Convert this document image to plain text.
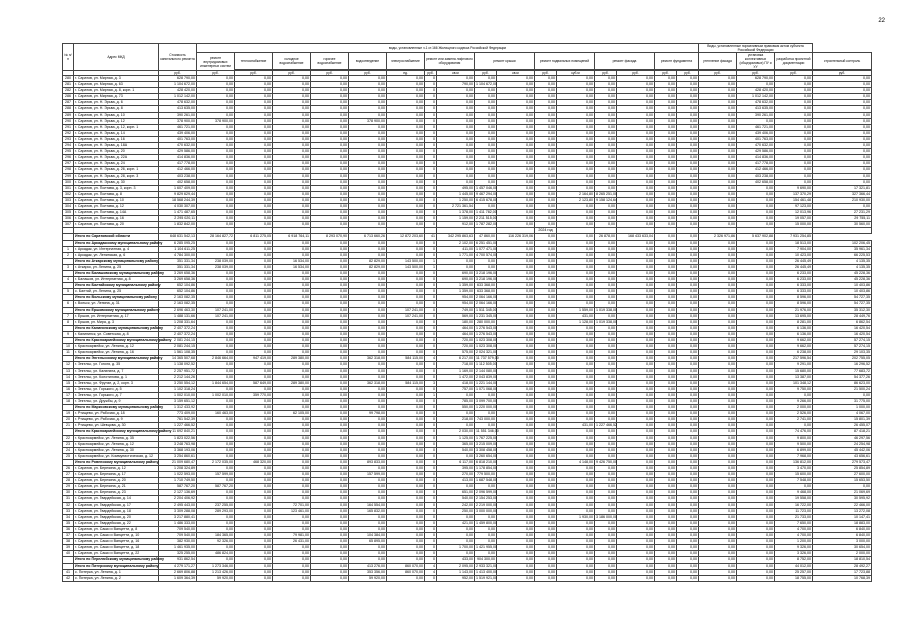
22
№ п/п	Адрес МКД	Стоимость капитального ремонта	виды, установленные ч.1 ст.166 Жилищного кодекса Российской Федерации																Виды, установленные нормативным правовым актом субъекта Российской Федерации			
			ремонт внутридомовых инженерных систем	теплоснабжение	холодное водоснабжение	горячее водоснабжение	водоотведение	электроснабжение	ремонт или замена лифтового оборудования		ремонт крыши		ремонт подвальных помещений		ремонт фасада		ремонт фундамента		утепление фасада	установка коллективных (общедомовых) ПУ и УУ	разработка проектной документации	строительный контроль

		руб.	руб.	руб.	руб.	руб.	руб.	ед.	руб.	кв.м	руб.	кв.м	руб.	куб.м	руб.	руб.	руб.	руб.	руб.	руб.	руб.	руб.
280	г. Саратов, ул. Мирная, д. 3	628 790,00	0,00	0,00	0,00	0,00	0,00	0,00	0	0,00	0,00	0,00	0,00	0,00	0,00	0,00	0,00	0,00	0,00	628 790,00	0,00	0,00
281	г. Саратов, ул. Мирная, д. 63	1 104 672,00	0,00	0,00	0,00	0,00	0,00	0,00	0	790,00	1 104 672,00	0,00	0,00	0,00	0,00	0,00	0,00	0,00	0,00	0,00	0,00	0,00
282	г. Саратов, ул. Мирная, д. 8, корп. 1	428 420,00	0,00	0,00	0,00	0,00	0,00	0,00	0	0,00	0,00	0,00	0,00	0,00	0,00	0,00	0,00	0,00	0,00	428 420,00	0,00	0,00
286	г. Саратов, ул. Мирная, д. 73	1 012 142,00	0,00	0,00	0,00	0,00	0,00	0,00	0	0,00	0,00	0,00	0,00	0,00	0,00	0,00	0,00	0,00	0,00	1 012 142,00	0,00	0,00
287	г. Саратов, ул. Н. Эрьва, д. 6	478 632,00	0,00	0,00	0,00	0,00	0,00	0,00	0	0,00	0,00	0,00	0,00	0,00	0,00	0,00	0,00	0,00	0,00	478 632,00	0,00	0,00
288	г. Саратов, ул. Н. Эрьва, д. 8	413 635,00	0,00	0,00	0,00	0,00	0,00	0,00	0	0,00	0,00	0,00	0,00	0,00	0,00	0,00	0,00	0,00	0,00	413 635,00	0,00	0,00
289	г. Саратов, ул. Н. Эрьва, д. 10	390 261,00	0,00	0,00	0,00	0,00	0,00	0,00	0	0,00	0,00	0,00	0,00	0,00	0,00	0,00	0,00	0,00	0,00	390 261,00	0,00	0,00
290	г. Саратов, ул. Н. Эрьва, д. 12	378 900,00	378 900,00	0,00	0,00	0,00	378 900,00	0,00	0	0,00	0,00	0,00	0,00	0,00	0,00	0,00	0,00	0,00	0,00	0,00	0,00	0,00
291	г. Саратов, ул. Н. Эрьва, д. 12, корп. 1	461 721,00	0,00	0,00	0,00	0,00	0,00	0,00	0	0,00	0,00	0,00	0,00	0,00	0,00	0,00	0,00	0,00	0,00	461 721,00	0,00	0,00
292	г. Саратов, ул. Н. Эрьва, д. 14	439 406,00	0,00	0,00	0,00	0,00	0,00	0,00	0	0,00	0,00	0,00	0,00	0,00	0,00	0,00	0,00	0,00	0,00	439 406,00	0,00	0,00
293	г. Саратов, ул. Н. Эрьва, д. 16	401 763,00	0,00	0,00	0,00	0,00	0,00	0,00	0	0,00	0,00	0,00	0,00	0,00	0,00	0,00	0,00	0,00	0,00	401 763,00	0,00	0,00
294	г. Саратов, ул. Н. Эрьва, д. 18А	470 632,00	0,00	0,00	0,00	0,00	0,00	0,00	0	0,00	0,00	0,00	0,00	0,00	0,00	0,00	0,00	0,00	0,00	470 632,00	0,00	0,00
295	г. Саратов, ул. Н. Эрьва, д. 20	429 586,00	0,00	0,00	0,00	0,00	0,00	0,00	0	0,00	0,00	0,00	0,00	0,00	0,00	0,00	0,00	0,00	0,00	429 586,00	0,00	0,00
296	г. Саратов, ул. Н. Эрьва, д. 22А	414 836,00	0,00	0,00	0,00	0,00	0,00	0,00	0	0,00	0,00	0,00	0,00	0,00	0,00	0,00	0,00	0,00	0,00	414 836,00	0,00	0,00
297	г. Саратов, ул. Н. Эрьва, д. 24	417 778,00	0,00	0,00	0,00	0,00	0,00	0,00	0	0,00	0,00	0,00	0,00	0,00	0,00	0,00	0,00	0,00	0,00	417 778,00	0,00	0,00
298	г. Саратов, ул. Н. Эрьва, д. 26, корп. 1	412 466,00	0,00	0,00	0,00	0,00	0,00	0,00	0	0,00	0,00	0,00	0,00	0,00	0,00	0,00	0,00	0,00	0,00	412 466,00	0,00	0,00
299	г. Саратов, ул. Н. Эрьва, д. 28, корп. 3	403 238,00	0,00	0,00	0,00	0,00	0,00	0,00	0	0,00	0,00	0,00	0,00	0,00	0,00	0,00	0,00	0,00	0,00	403 238,00	0,00	0,00
300	г. Саратов, ул. Н. Эрьва, д. 30	402 658,00	0,00	0,00	0,00	0,00	0,00	0,00	0	0,00	0,00	0,00	0,00	0,00	0,00	0,00	0,00	0,00	0,00	402 658,00	0,00	0,00
301	г. Саратов, ул. Полтава, д. 3, корп. 3	1 607 409,00	0,00	0,00	0,00	0,00	0,00	0,00	0	495,00	1 457 046,00	0,00	0,00	0,00	0,00	0,00	0,00	0,00	0,00	0,00	9 690,00	17 321,81
302	г. Саратов, ул. Полтава, д. 8	9 829 629,44	0,00	0,00	0,00	0,00	0,00	0,00	0	1 445,00	9 467 294,00	0,00	0,00	2 164,80	8 265 251,00	0,00	0,00	0,00	0,00	0,00	137 370,29	327 366,44
303	г. Саратов, ул. Полтава, д. 10	18 568 244,39	0,00	0,00	0,00	0,00	0,00	0,00	0	1 250,00	6 415 678,00	0,00	0,00	2 123,80	9 158 124,64	0,00	0,00	0,00	0,00	0,00	154 461,48	210 930,00
304	г. Саратов, ул. Полтава, д. 12	4 030 307,00	0,00	0,00	0,00	0,00	0,00	0,00	0	2 721 361,54	0,00	0,00	0,00	0,00	0,00	0,00	0,00	0,00	0,00	0,00	97 123,00	0,00
305	г. Саратов, ул. Полтава, д. 14А	1 471 487,65	0,00	0,00	0,00	0,00	0,00	0,00	0	1 378,00	1 411 782,00	0,00	0,00	0,00	0,00	0,00	0,00	0,00	0,00	0,00	12 013,96	27 231,29
306	г. Саратов, ул. Полтава, д. 16	2 295 020,11	0,00	0,00	0,00	0,00	0,00	0,00	0	1 159,00	2 211 515,00	0,00	0,00	0,00	0,00	0,00	0,00	0,00	0,00	0,00	19 057,00	29 755,11
307	г. Саратов, ул. Полтава, д. 20	1 832 842,00	0,00	0,00	0,00	0,00	0,00	0,00	0	912,00	1 787 282,00	0,00	0,00	0,00	0,00	0,00	0,00	0,00	0,00	0,00	15 000,00	30 560,00
													2024 год									
	Итого по Саратовской области	648 631 542,13	28 164 827,72	6 811 275,05	6 918 764,11	8 293 070,90	6 713 660,26	12 872 203,60	41	342 295 863,63	47 860,00	116 226 319,06	0,00	0,00	26 878,00	168 433 633,04	0,00	0,00	2 326 971,86	5 637 902,88	7 931 254,85	
	Итого по Аркадакскому муниципальному району	6 285 095,25	0,00	0,00	0,00	0,00	0,00	0,00	0	2 102,00	6 251 451,00	0,00	0,00	0,00	0,00	0,00	0,00	0,00	0,00	0,00	18 513,00	102 206,45
1	г. Аркадак, ул. Интернатная, д. 4	1 104 611,25	0,00	0,00	0,00	0,00	0,00	0,00	0	411,00	1 077 471,00	0,00	0,00	0,00	0,00	0,00	0,00	0,00	0,00	0,00	7 904,00	35 961,34
2	г. Аркадак, ул. Ленинская, д. 6	4 784 300,00	0,00	0,00	0,00	0,00	0,00	0,00	0	1 771,00	4 700 574,00	0,00	0,00	0,00	0,00	0,00	0,00	0,00	0,00	0,00	10 423,00	66 225,53
	Итого по Аткарскому муниципальному району	351 331,34	238 039,00	0,00	16 534,00	0,00	82 829,00	143 500,00	1	0,00	0,00	0,00	0,00	0,00	0,00	0,00	0,00	0,00	0,00	0,00	26 445,49	4 135,35
3	г. Аткарск, ул. Ленина, д. 25	351 331,34	238 039,00	0,00	16 534,00	0,00	82 829,00	143 500,00	1	0,00	0,00	0,00	0,00	0,00	0,00	0,00	0,00	0,00	0,00	0,00	26 445,49	4 135,35
	Итого по Балашовскому муниципальному району	3 269 658,36	0,00	0,00	0,00	0,00	0,00	0,00	0	690,00	3 218 196,00	0,00	0,00	0,00	0,00	0,00	0,00	0,00	0,00	0,00	6 233,00	45 228,36
4	г. Балашов, ул. Интернатная, д. 8	3 269 658,36	0,00	0,00	0,00	0,00	0,00	0,00	0	690,00	3 218 196,00	0,00	0,00	0,00	0,00	0,00	0,00	0,00	0,00	0,00	6 233,00	45 228,36
	Итого по Балтайскому муниципальному району	652 104,86	0,00	0,00	0,00	0,00	0,00	0,00	0	1 359,00	633 368,00	0,00	0,00	0,00	0,00	0,00	0,00	0,00	0,00	0,00	6 333,00	10 403,86
5	с. Балтай, ул. Ленина, д. 25	652 104,86	0,00	0,00	0,00	0,00	0,00	0,00	0	1 359,00	633 368,00	0,00	0,00	0,00	0,00	0,00	0,00	0,00	0,00	0,00	6 333,00	10 403,86
	Итого по Вольскому муниципальному району	2 163 082,35	0,00	0,00	0,00	0,00	0,00	0,00	0	954,00	2 064 166,00	0,00	0,00	0,00	0,00	0,00	0,00	0,00	0,00	0,00	8 596,00	54 727,35
6	г. Вольск, ул. Ленина, д. 31	2 163 082,35	0,00	0,00	0,00	0,00	0,00	0,00	0	954,00	2 064 166,00	0,00	0,00	0,00	0,00	0,00	0,00	0,00	0,00	0,00	8 596,00	54 727,35
	Итого по Ершовскому муниципальному району	2 696 463,30	107 241,00	0,00	0,00	0,00	0,00	107 241,00	0	749,00	1 511 345,00	0,00	0,00	1 559,00	1 019 338,00	0,00	0,00	0,00	0,00	0,00	21 976,00	35 312,30
7	г. Ершов, ул. Интернатная, д. 17	1 488 131,66	107 241,00	0,00	0,00	0,00	0,00	107 241,00	0	569,00	1 231 345,00	0,00	0,00	431,00	0,00	0,00	0,00	0,00	0,00	0,00	13 695,00	28 449,76
8	г. Ершов, ул. Мира, д. 3	1 208 331,64	0,00	0,00	0,00	0,00	0,00	0,00	0	180,00	280 000,00	0,00	0,00	1 128,00	1 019 338,00	0,00	0,00	0,00	0,00	0,00	8 281,00	6 862,54
	Итого по Калининскому муниципальному району	2 407 372,24	0,00	0,00	0,00	0,00	0,00	0,00	0	464,00	1 276 543,00	0,00	0,00	0,00	0,00	0,00	0,00	0,00	0,00	0,00	6 136,00	16 420,54
9	г. Калининск, ул. Советская, д. 8	2 407 372,24	0,00	0,00	0,00	0,00	0,00	0,00	0	464,00	1 276 543,00	0,00	0,00	0,00	0,00	0,00	0,00	0,00	0,00	0,00	6 136,00	16 420,54
	Итого по Красноармейскому муниципальному району	2 081 244,15	0,00	0,00	0,00	0,00	0,00	0,00	0	720,00	1 023 308,00	0,00	0,00	0,00	0,00	0,00	0,00	0,00	0,00	0,00	9 662,00	57 274,15
10	г. Красноармейск, ул. Ленина, д. 12	2 081 244,15	0,00	0,00	0,00	0,00	0,00	0,00	0	720,00	1 023 308,00	0,00	0,00	0,00	0,00	0,00	0,00	0,00	0,00	0,00	9 662,00	57 274,15
11	г. Красноармейск, ул. Ленина, д. 16	1 561 108,35	0,00	0,00	0,00	0,00	0,00	0,00	0	575,00	2 024 321,00	0,00	0,00	0,00	0,00	0,00	0,00	0,00	0,00	0,00	6 238,00	29 103,35
	Итого по Энгельсскому муниципальному району	14 365 507,68	2 846 664,00	947 419,00	289 380,00	0,00	362 318,00	584 115,00	4	6 217,00	11 737 579,00	0,00	0,00	0,00	0,00	0,00	0,00	0,00	0,00	0,00	217 596,54	202 755,05
12	г. Энгельс, ул. Гоголя, д. 35	1 138 092,52	0,00	0,00	0,00	0,00	0,00	0,00	0	718,00	1 112 505,00	0,00	0,00	0,00	0,00	0,00	0,00	0,00	0,00	0,00	9 291,00	16 296,52
13	г. Энгельс, ул. Калинина, д. 7	2 257 951,72	0,00	0,00	0,00	0,00	0,00	0,00	0	1 169,00	2 144 080,00	0,00	0,00	0,00	0,00	0,00	0,00	0,00	0,00	0,00	15 680,00	77 683,72
14	г. Энгельс, ул. Колотилова, д. 1	2 212 144,26	0,00	0,00	0,00	0,00	0,00	0,00	0	1 472,00	2 043 839,00	0,00	0,00	0,00	0,00	0,00	0,00	0,00	0,00	0,00	13 387,00	54 377,26
15	г. Энгельс, ул. Фрунзе, д. 2, корп. 3	3 250 554,12	1 844 654,00	587 649,00	289 380,00	0,00	362 318,00	584 115,00	3	418,00	1 221 144,00	0,00	0,00	0,00	0,00	0,00	0,00	0,00	0,00	0,00	101 348,12	86 623,00
16	г. Энгельс, ул. Горького, д. 5	1 102 318,24	0,00	0,00	0,00	0,00	0,00	0,00	0	757,00	1 071 068,00	0,00	0,00	0,00	0,00	0,00	0,00	0,00	0,00	0,00	9 750,00	21 500,24
17	г. Энгельс, ул. Горького, д. 7	1 002 010,00	1 002 010,00	359 770,00	0,00	0,00	0,00	0,00	1	0,00	0,00	0,00	0,00	0,00	0,00	0,00	0,00	0,00	0,00	0,00	0,00	0,00
18	г. Энгельс, ул. Дружбы, д. 9	3 159 651,12	0,00	0,00	0,00	0,00	0,00	0,00	0	785,00	3 099 700,00	0,00	0,00	0,00	0,00	0,00	0,00	0,00	0,00	0,00	9 266,00	31 775,00
	Итого по Марксовскому муниципальному району	1 312 433,92	0,00	0,00	0,00	0,00	0,00	0,00	0	550,00	1 220 000,00	0,00	0,00	0,00	0,00	0,00	0,00	0,00	0,00	0,00	2 000,00	1 000,00
19	г. Ртищево, ул. Рабочая, д. 18	773 409,00	160 463,00	0,00	62 105,00	0,00	99 798,00	0,00	0	0,00	0,00	0,00	0,00	0,00	0,00	0,00	0,00	0,00	0,00	0,00	2 526,00	4 067,00
20	г. Ртищево, ул. Рабочая, д. 9	761 542,39	0,00	0,00	0,00	0,00	0,00	0,00	0	218,00	743 000,00	0,00	0,00	0,00	0,00	0,00	0,00	0,00	0,00	0,00	2 741,00	15 801,39
21	г. Ртищево, ул. Шевцова, д. 30	1 227 466,52	0,00	0,00	0,00	0,00	0,00	0,00	0	0,00	0,00	0,00	0,00	431,00	1 227 466,52	0,00	0,00	0,00	0,00	0,00	0,00	26 455,07
	Итого по Красноармейскому муниципальному району	11 692 840,21	0,00	0,00	0,00	0,00	0,00	0,00	0	2 030,00	11 551 346,00	0,00	0,00	0,00	0,00	0,00	0,00	0,00	0,00	0,00	74 476,00	87 418,21
22	г. Красноармейск, ул. Ленина, д. 35	1 823 022,56	0,00	0,00	0,00	0,00	0,00	0,00	0	1 125,00	1 767 225,00	0,00	0,00	0,00	0,00	0,00	0,00	0,00	0,00	0,00	9 800,00	46 297,56
23	г. Красноармейск, ул. Ленина, д. 12	3 248 763,98	0,00	0,00	0,00	0,00	0,00	0,00	0	365,00	3 215 009,00	0,00	0,00	0,00	0,00	0,00	0,00	0,00	0,00	0,00	9 500,00	24 254,98
24	г. Красноармейск, ул. Ленина, д. 30	3 368 193,06	0,00	0,00	0,00	0,00	0,00	0,00	0	540,00	3 308 458,00	0,00	0,00	0,00	0,00	0,00	0,00	0,00	0,00	0,00	6 899,00	45 442,06
25	г. Красноармейск, ул. Коммунистическая, д. 12	3 254 860,61	0,00	0,00	0,00	0,00	0,00	0,00	0	0,00	3 260 654,00	0,00	0,00	0,00	0,00	0,00	0,00	0,00	0,00	0,00	7 968,00	43 656,61
	Итого по Ровенскому муниципальному району	21 009 680,47	2 172 035,00	468 320,00	0,00	0,00	893 833,00	0,00	0	6 117,00	6 818 210,00	0,00	0,00	4 148,00	9 426 750,00	0,00	0,00	0,00	0,00	0,00	136 812,00	279 573,47
26	г. Саратов, ул. Березина, д. 12	1 208 324,89	0,00	0,00	0,00	0,00	0,00	0,00	0	395,00	1 178 854,00	0,00	0,00	0,00	0,00	0,00	0,00	0,00	0,00	0,00	3 470,00	25 854,89
27	г. Саратов, ул. Березина, д. 17	1 022 593,00	157 599,00	0,00	0,00	0,00	157 599,00	0,00	0	270,00	779 500,00	0,00	0,00	0,00	0,00	0,00	0,00	0,00	0,00	0,00	15 600,00	27 600,00
28	г. Саратов, ул. Березина, д. 20	1 710 749,50	0,00	0,00	0,00	0,00	0,00	0,00	0	413,00	1 687 548,00	0,00	0,00	0,00	0,00	0,00	0,00	0,00	0,00	0,00	7 548,00	15 653,50
29	г. Саратов, ул. Березина, д. 21	587 767,20	587 767,20	0,00	0,00	0,00	0,00	0,00	0	0,00	0,00	0,00	0,00	0,00	0,00	0,00	0,00	0,00	0,00	0,00	0,00	0,00
30	г. Саратов, ул. Березина, д. 23	2 127 136,69	0,00	0,00	0,00	0,00	0,00	0,00	0	651,00	2 096 599,00	0,00	0,00	0,00	0,00	0,00	0,00	0,00	0,00	0,00	9 468,00	21 069,69
31	г. Саратов, ул. Гвардейская, д. 14	2 204 406,92	0,00	0,00	0,00	0,00	0,00	0,00	0	540,00	2 154 253,00	0,00	0,00	0,00	0,00	0,00	0,00	0,00	0,00	0,00	19 558,00	30 595,92
32	г. Саратов, ул. Гвардейская, д. 17	2 495 443,00	237 255,00	0,00	72 701,00	0,00	164 554,00	0,00	0	242,00	2 219 000,00	0,00	0,00	0,00	0,00	0,00	0,00	0,00	0,00	0,00	16 722,00	22 466,00
33	г. Саратов, ул. Гвардейская, д. 18	3 309 288,08	289 293,00	0,00	123 461,00	0,00	165 832,00	0,00	0	250,00	3 000 000,00	0,00	0,00	0,00	0,00	0,00	0,00	0,00	0,00	0,00	11 723,00	13 272,08
34	г. Саратов, ул. Гвардейская, д. 20	3 217 880,41	0,00	0,00	0,00	0,00	0,00	0,00	0	0,00	0,00	0,00	0,00	1 930,00	3 186 000,00	0,00	0,00	0,00	0,00	0,00	21 733,00	10 147,41
35	г. Саратов, ул. Гвардейская, д. 22	1 486 333,00	0,00	0,00	0,00	0,00	0,00	0,00	0	421,00	1 459 800,00	0,00	0,00	0,00	0,00	0,00	0,00	0,00	0,00	0,00	7 650,00	18 883,00
36	г. Саратов, ул. Сакко и Ванцетти, д. 8	709 540,00	0,00	0,00	0,00	0,00	0,00	0,00	0	0,00	0,00	0,00	0,00	0,00	0,00	0,00	0,00	0,00	0,00	0,00	4 700,00	6 840,00
37	г. Саратов, ул. Сакко и Ванцетти, д. 10	709 540,00	184 365,00	0,00	79 981,00	0,00	104 384,00	0,00	0	0,00	0,00	0,00	0,00	0,00	0,00	0,00	0,00	0,00	0,00	0,00	4 700,00	6 840,00
38	г. Саратов, ул. Сакко и Ванцетти, д. 16	382 930,00	92 326,00	0,00	26 431,00	0,00	65 895,00	0,00	0	0,00	0,00	0,00	0,00	0,00	0,00	0,00	0,00	0,00	0,00	0,00	1 200,00	3 000,00
39	г. Саратов, ул. Сакко и Ванцетти, д. 18	1 461 935,00	0,00	0,00	0,00	0,00	0,00	0,00	0	1 700,00	1 421 955,00	0,00	0,00	0,00	0,00	0,00	0,00	0,00	0,00	0,00	9 326,00	30 654,00
40	г. Саратов, ул. Сакко и Ванцетти, д. 22	325 255,00	486 824,00	0,00	0,00	0,00	0,00	0,00	0	0,00	0,00	0,00	0,00	0,00	0,00	0,00	0,00	0,00	0,00	0,00	3 326,00	2 000,00
	Итого по Перелюбскому муниципальному району	931 862,54	0,00	0,00	0,00	0,00	0,00	0,00	0	433,00	904 300,00	0,00	0,00	0,00	0,00	0,00	0,00	0,00	0,00	0,00	8 752,00	18 810,54
	Итого по Питерскому муниципальному району	4 279 171,27	1 273 346,00	0,00	0,00	0,00	413 276,00	860 070,00	4	2 095,00	2 933 321,00	0,00	0,00	0,00	0,00	0,00	0,00	0,00	0,00	0,00	44 012,00	28 492,27
41	с. Питерка, ул. Ленина, д. 1	2 669 806,88	1 213 426,00	0,00	0,00	0,00	353 356,00	860 070,00	4	1 143,00	1 413 400,00	0,00	0,00	0,00	0,00	0,00	0,00	0,00	0,00	0,00	25 257,00	17 723,88
42	с. Питерка, ул. Ленина, д. 2	1 609 364,39	59 920,00	0,00	0,00	0,00	59 920,00	0,00	0	952,00	1 519 921,00	0,00	0,00	0,00	0,00	0,00	0,00	0,00	0,00	0,00	18 755,00	10 768,39
